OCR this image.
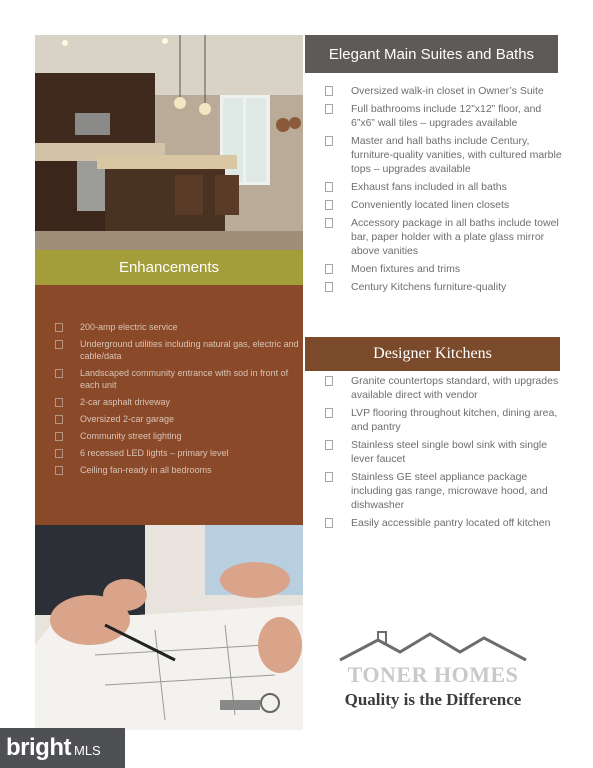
Enhancements
200-amp electric service
Underground utilities including natural gas, electric and cable/data
Landscaped community entrance with sod in front of each unit
2-car asphalt driveway
Oversized 2-car garage
Community street lighting
6 recessed LED lights – primary level
Ceiling fan-ready in all bedrooms
Elegant Main Suites and Baths
Oversized walk-in closet in Owner’s Suite
Full bathrooms include 12”x12” floor, and 6”x6” wall tiles – upgrades available
Master and hall baths include Century, furniture-quality vanities, with cultured marble tops – upgrades available
Exhaust fans included in all baths
Conveniently located linen closets
Accessory package in all baths include towel bar, paper holder with a plate glass mirror above vanities
Moen fixtures and trims
Century Kitchens furniture-quality
Designer Kitchens
Granite countertops standard, with upgrades available direct with vendor
LVP flooring throughout kitchen, dining area, and pantry
Stainless steel single bowl sink with single lever faucet
Stainless GE steel appliance package including gas range, microwave hood, and dishwasher
Easily accessible pantry located off kitchen
TONER HOMES
Quality is the Difference
bright MLS
